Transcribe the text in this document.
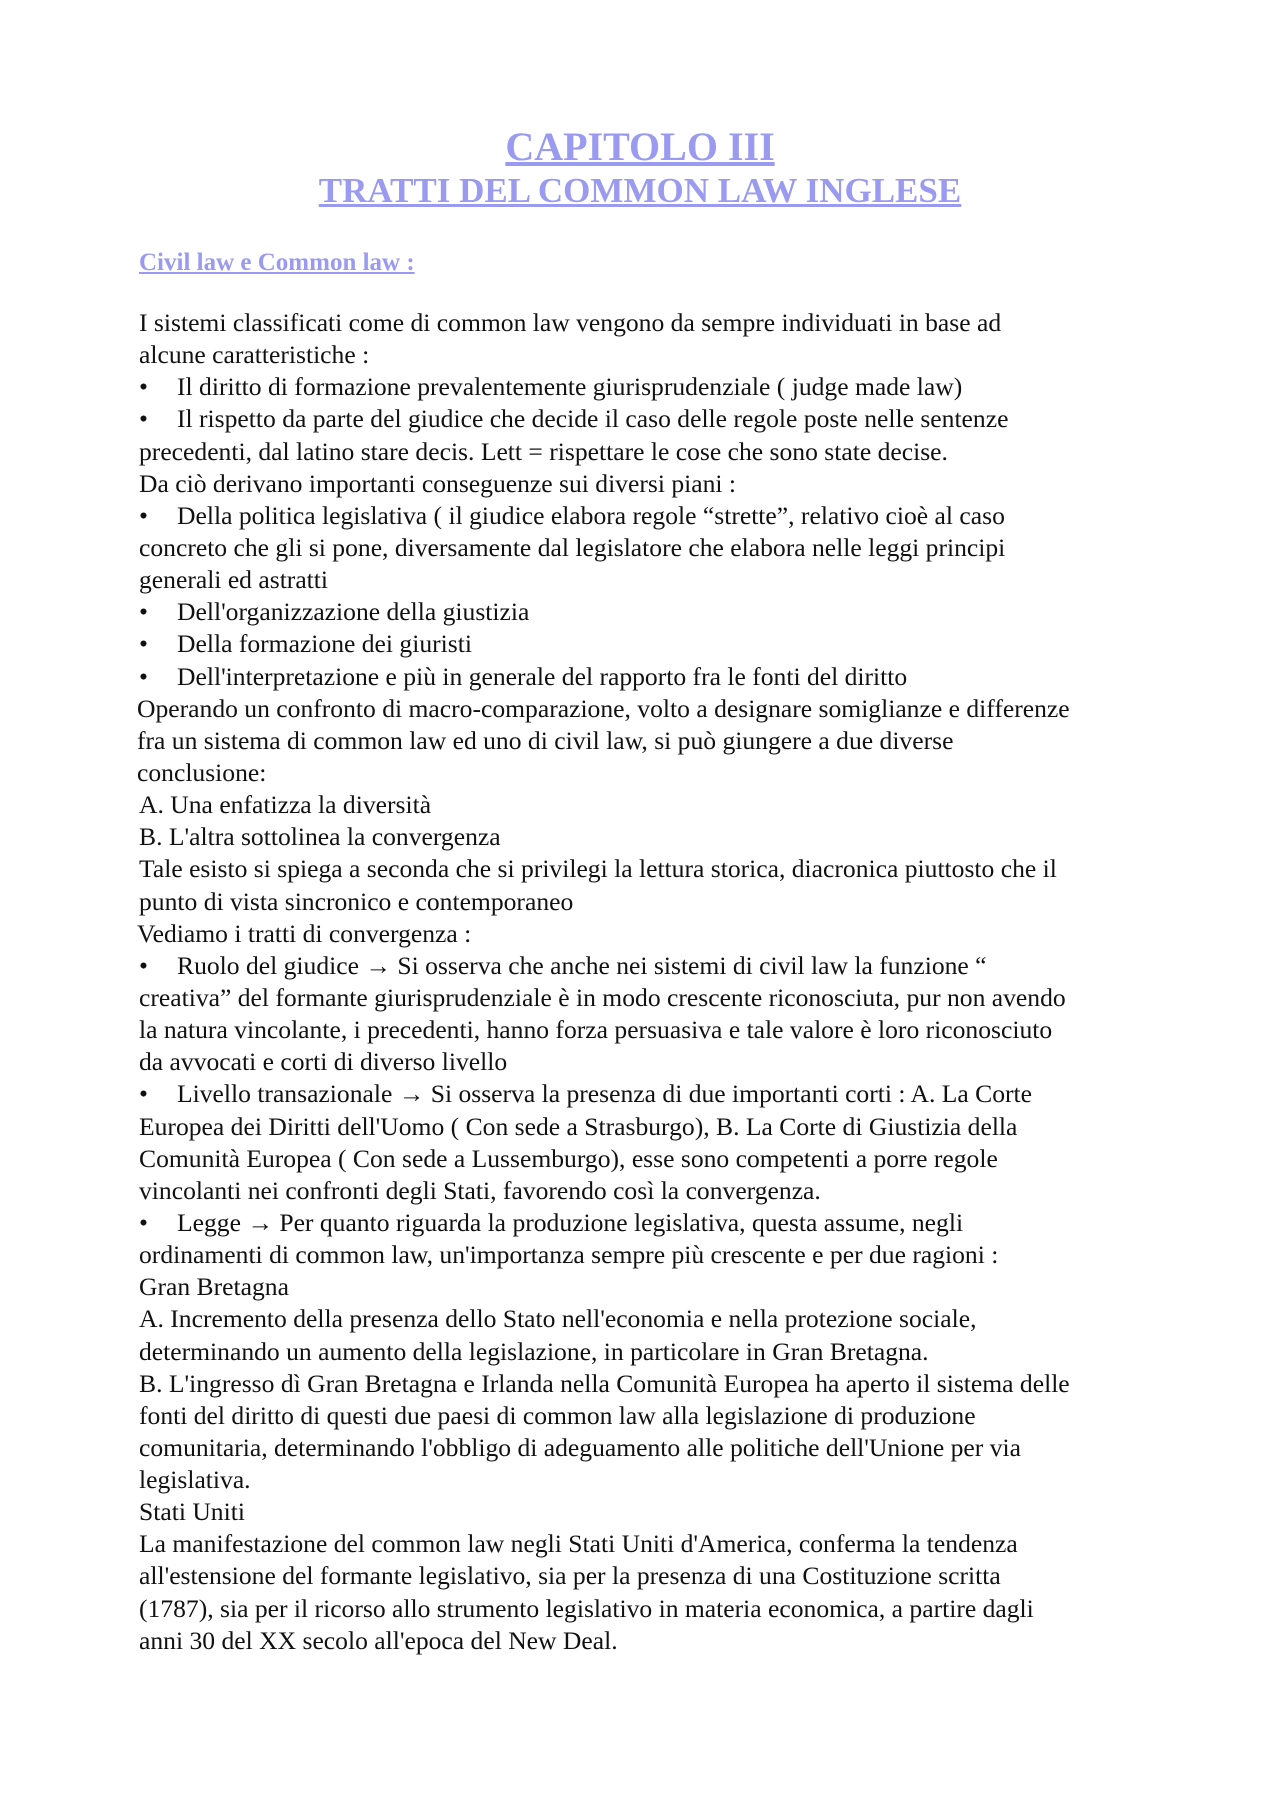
CAPITOLO III
TRATTI DEL COMMON LAW INGLESE
Civil law e Common law :
I sistemi classificati come di common law vengono da sempre individuati in base ad
alcune caratteristiche :
• Il diritto di formazione prevalentemente giurisprudenziale ( judge made law)
• Il rispetto da parte del giudice che decide il caso delle regole poste nelle sentenze
precedenti, dal latino stare decis. Lett = rispettare le cose che sono state decise.
Da ciò derivano importanti conseguenze sui diversi piani :
• Della politica legislativa ( il giudice elabora regole “strette”, relativo cioè al caso
concreto che gli si pone, diversamente dal legislatore che elabora nelle leggi principi
generali ed astratti
• Dell'organizzazione della giustizia
• Della formazione dei giuristi
• Dell'interpretazione e più in generale del rapporto fra le fonti del diritto
Operando un confronto di macro-comparazione, volto a designare somiglianze e differenze
fra un sistema di common law ed uno di civil law, si può giungere a due diverse
conclusione:
A. Una enfatizza la diversità
B. L'altra sottolinea la convergenza
Tale esisto si spiega a seconda che si privilegi la lettura storica, diacronica piuttosto che il
punto di vista sincronico e contemporaneo
Vediamo i tratti di convergenza :
• Ruolo del giudice → Si osserva che anche nei sistemi di civil law la funzione “
creativa” del formante giurisprudenziale è in modo crescente riconosciuta, pur non avendo
la natura vincolante, i precedenti, hanno forza persuasiva e tale valore è loro riconosciuto
da avvocati e corti di diverso livello
• Livello transazionale → Si osserva la presenza di due importanti corti : A. La Corte
Europea dei Diritti dell'Uomo ( Con sede a Strasburgo), B. La Corte di Giustizia della
Comunità Europea ( Con sede a Lussemburgo), esse sono competenti a porre regole
vincolanti nei confronti degli Stati, favorendo così la convergenza.
• Legge → Per quanto riguarda la produzione legislativa, questa assume, negli
ordinamenti di common law, un'importanza sempre più crescente e per due ragioni :
Gran Bretagna
A. Incremento della presenza dello Stato nell'economia e nella protezione sociale,
determinando un aumento della legislazione, in particolare in Gran Bretagna.
B. L'ingresso dì Gran Bretagna e Irlanda nella Comunità Europea ha aperto il sistema delle
fonti del diritto di questi due paesi di common law alla legislazione di produzione
comunitaria, determinando l'obbligo di adeguamento alle politiche dell'Unione per via
legislativa.
Stati Uniti
La manifestazione del common law negli Stati Uniti d'America, conferma la tendenza
all'estensione del formante legislativo, sia per la presenza di una Costituzione scritta
(1787), sia per il ricorso allo strumento legislativo in materia economica, a partire dagli
anni 30 del XX secolo all'epoca del New Deal.
